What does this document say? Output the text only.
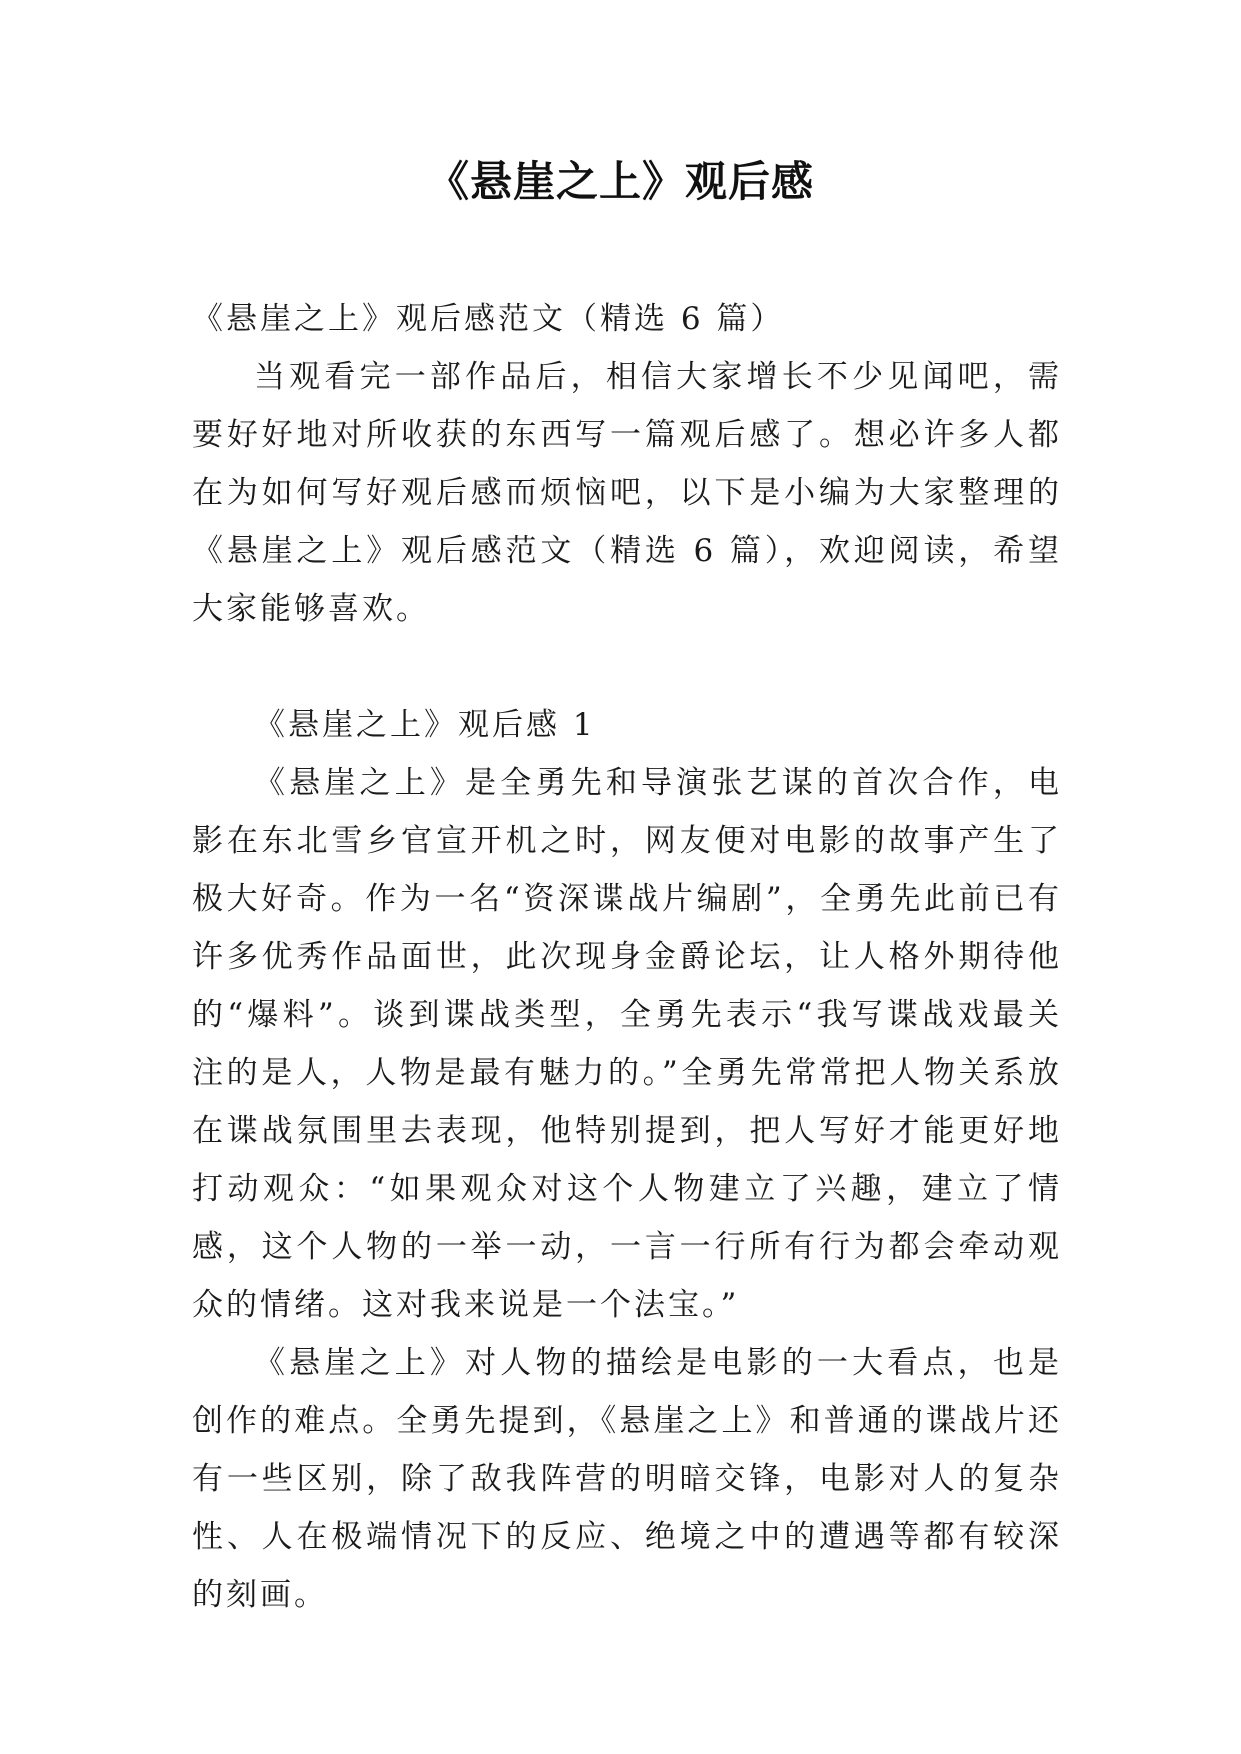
《悬崖之上》观后感

《悬崖之上》观后感范文（精选 6 篇）

当观看完一部作品后，相信大家增长不少见闻吧，需要好好地对所收获的东西写一篇观后感了。想必许多人都在为如何写好观后感而烦恼吧，以下是小编为大家整理的《悬崖之上》观后感范文（精选 6 篇），欢迎阅读，希望大家能够喜欢。

《悬崖之上》观后感 1

《悬崖之上》是全勇先和导演张艺谋的首次合作，电影在东北雪乡官宣开机之时，网友便对电影的故事产生了极大好奇。作为一名“资深谍战片编剧”，全勇先此前已有许多优秀作品面世，此次现身金爵论坛，让人格外期待他的“爆料”。谈到谍战类型，全勇先表示“我写谍战戏最关注的是人，人物是最有魅力的。”全勇先常常把人物关系放在谍战氛围里去表现，他特别提到，把人写好才能更好地打动观众：“如果观众对这个人物建立了兴趣，建立了情感，这个人物的一举一动，一言一行所有行为都会牵动观众的情绪。这对我来说是一个法宝。”

《悬崖之上》对人物的描绘是电影的一大看点，也是创作的难点。全勇先提到，《悬崖之上》和普通的谍战片还有一些区别，除了敌我阵营的明暗交锋，电影对人的复杂性、人在极端情况下的反应、绝境之中的遭遇等都有较深的刻画。
